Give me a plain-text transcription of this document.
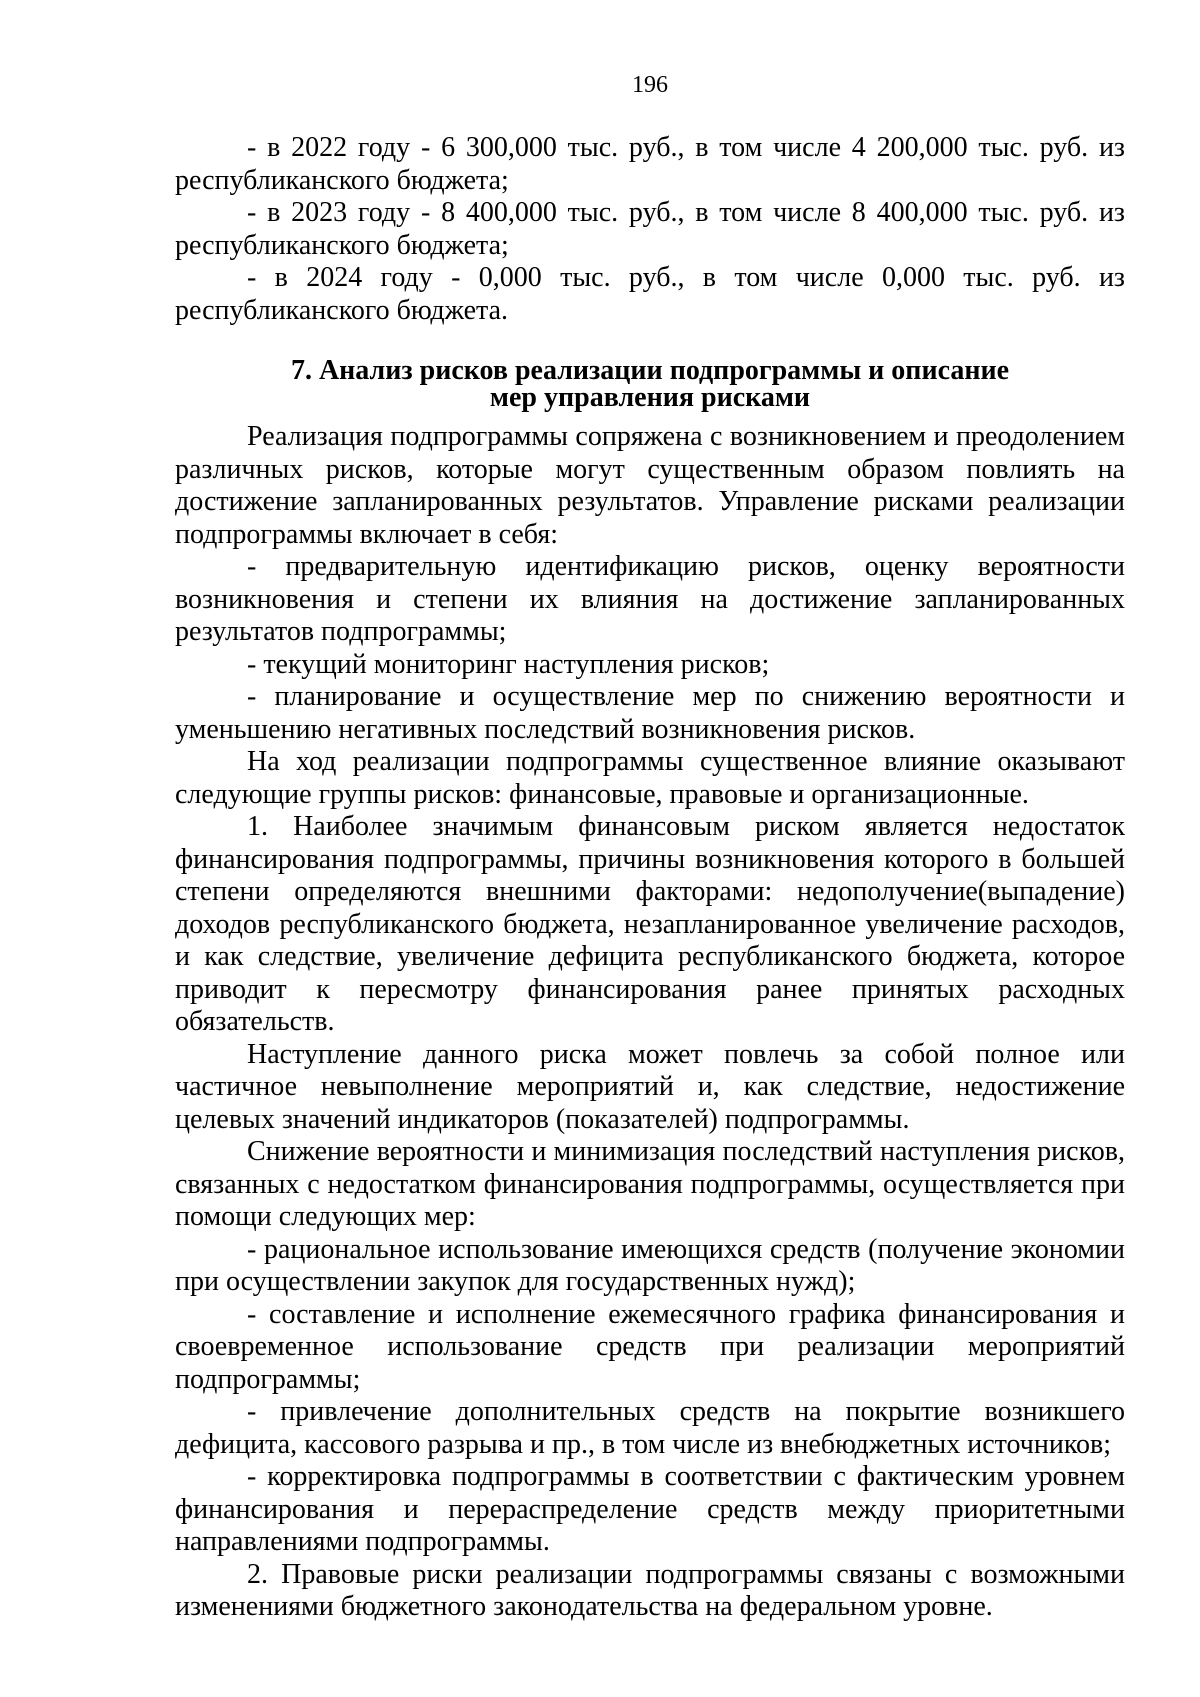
196

- в 2022 году - 6 300,000 тыс. руб., в том числе 4 200,000 тыс. руб. из республиканского бюджета;

- в 2023 году - 8 400,000 тыс. руб., в том числе 8 400,000 тыс. руб. из республиканского бюджета;

- в 2024 году - 0,000 тыс. руб., в том числе 0,000 тыс. руб. из республиканского бюджета.

7. Анализ рисков реализации подпрограммы и описание
мер управления рисками

Реализация подпрограммы сопряжена с возникновением и преодолением различных рисков, которые могут существенным образом повлиять на достижение запланированных результатов. Управление рисками реализации подпрограммы включает в себя:

- предварительную идентификацию рисков, оценку вероятности возникновения и степени их влияния на достижение запланированных результатов подпрограммы;

- текущий мониторинг наступления рисков;

- планирование и осуществление мер по снижению вероятности и уменьшению негативных последствий возникновения рисков.

На ход реализации подпрограммы существенное влияние оказывают следующие группы рисков: финансовые, правовые и организационные.

1. Наиболее значимым финансовым риском является недостаток финансирования подпрограммы, причины возникновения которого в большей степени определяются внешними факторами: недополучение(выпадение) доходов республиканского бюджета, незапланированное увеличение расходов, и как следствие, увеличение дефицита республиканского бюджета, которое приводит к пересмотру финансирования ранее принятых расходных обязательств.

Наступление данного риска может повлечь за собой полное или частичное невыполнение мероприятий и, как следствие, недостижение целевых значений индикаторов (показателей) подпрограммы.

Снижение вероятности и минимизация последствий наступления рисков, связанных с недостатком финансирования подпрограммы, осуществляется при помощи следующих мер:

- рациональное использование имеющихся средств (получение экономии при осуществлении закупок для государственных нужд);

- составление и исполнение ежемесячного графика финансирования и своевременное использование средств при реализации мероприятий подпрограммы;

- привлечение дополнительных средств на покрытие возникшего дефицита, кассового разрыва и пр., в том числе из внебюджетных источников;

- корректировка подпрограммы в соответствии с фактическим уровнем финансирования и перераспределение средств между приоритетными направлениями подпрограммы.

2. Правовые риски реализации подпрограммы связаны с возможными изменениями бюджетного законодательства на федеральном уровне.
